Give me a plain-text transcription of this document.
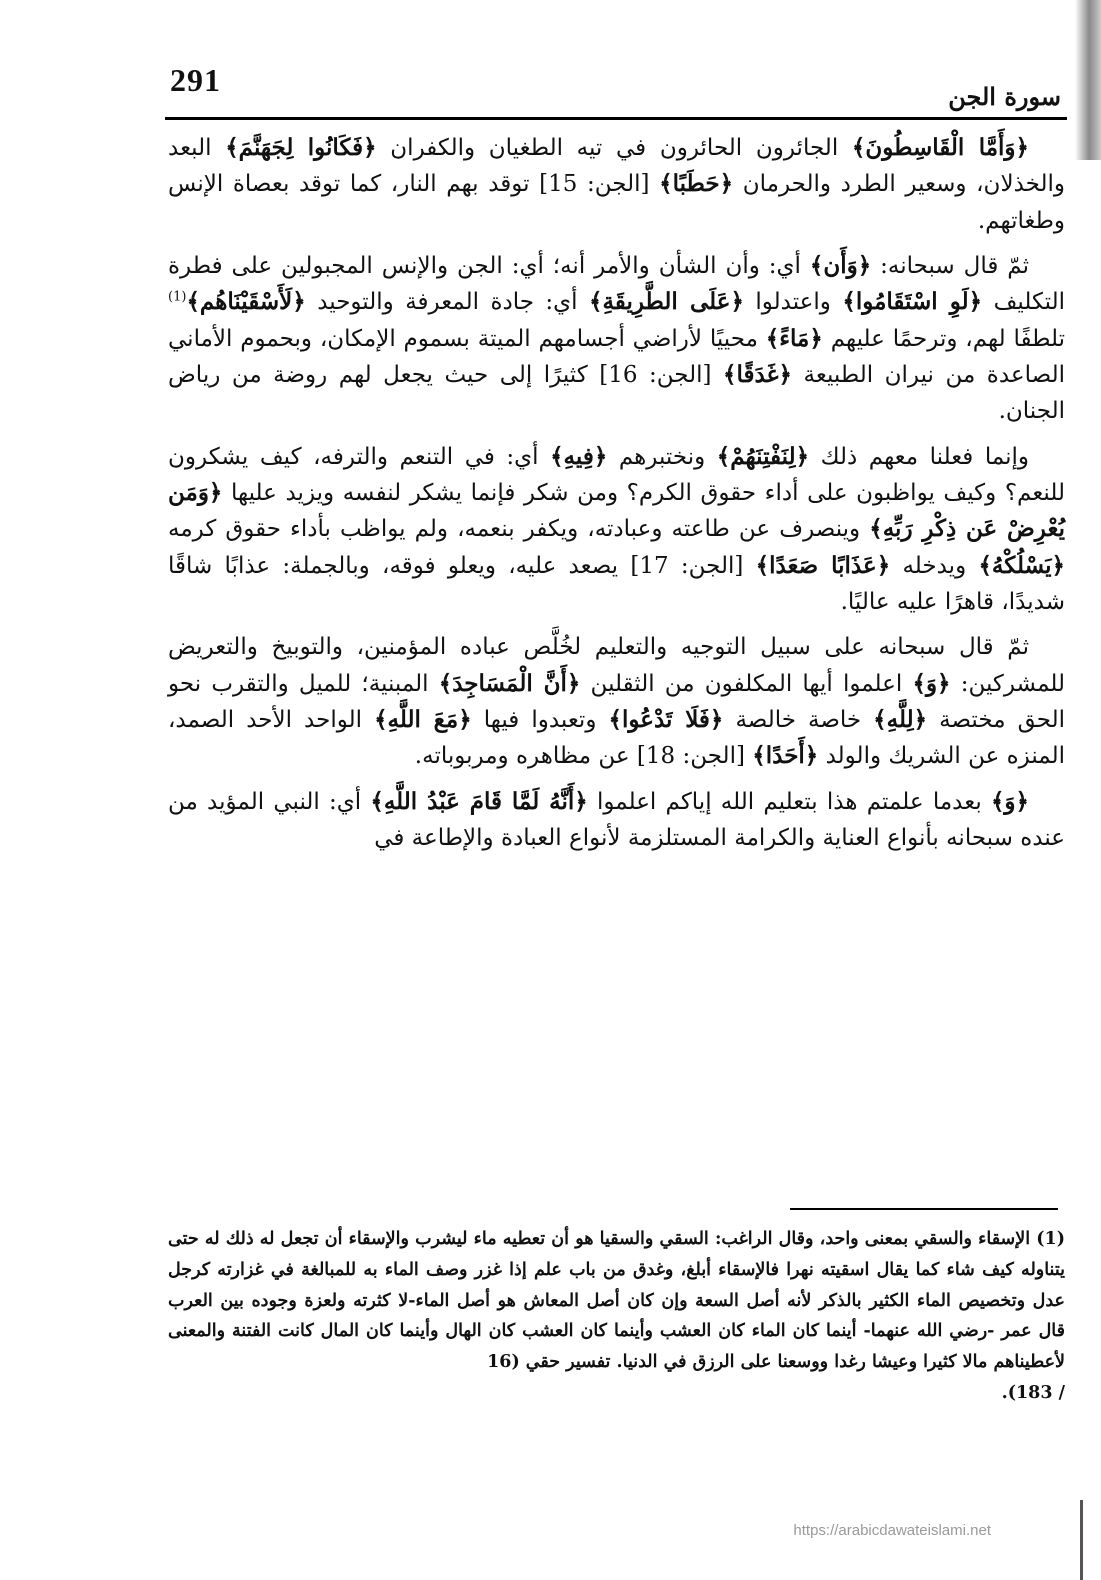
291	سورة الجن

﴿وَأَمَّا الْقَاسِطُونَ﴾ الجائرون الحائرون في تيه الطغيان والكفران ﴿فَكَانُوا لِجَهَنَّمَ﴾ البعد والخذلان، وسعير الطرد والحرمان ﴿حَطَبًا﴾ [الجن: 15] توقد بهم النار، كما توقد بعصاة الإنس وطغاتهم.

ثمّ قال سبحانه: ﴿وَأَن﴾ أي: وأن الشأن والأمر أنه؛ أي: الجن والإنس المجبولين على فطرة التكليف ﴿لَوِ اسْتَقَامُوا﴾ واعتدلوا ﴿عَلَى الطَّرِيقَةِ﴾ أي: جادة المعرفة والتوحيد ﴿لَأَسْقَيْنَاهُم﴾$^{(1)}$ تلطفًا لهم، وترحمًا عليهم ﴿مَاءً﴾ محييًا لأراضي أجسامهم الميتة بسموم الإمكان، وبحموم الأماني الصاعدة من نيران الطبيعة ﴿غَدَقًا﴾ [الجن: 16] كثيرًا إلى حيث يجعل لهم روضة من رياض الجنان.

وإنما فعلنا معهم ذلك ﴿لِنَفْتِنَهُمْ﴾ ونختبرهم ﴿فِيهِ﴾ أي: في التنعم والترفه، كيف يشكرون للنعم؟ وكيف يواظبون على أداء حقوق الكرم؟ ومن شكر فإنما يشكر لنفسه ويزيد عليها ﴿وَمَن يُعْرِضْ عَن ذِكْرِ رَبِّهِ﴾ وينصرف عن طاعته وعبادته، ويكفر بنعمه، ولم يواظب بأداء حقوق كرمه ﴿يَسْلُكْهُ﴾ ويدخله ﴿عَذَابًا صَعَدًا﴾ [الجن: 17] يصعد عليه، ويعلو فوقه، وبالجملة: عذابًا شاقًا شديدًا، قاهرًا عليه عاليًا.

ثمّ قال سبحانه على سبيل التوجيه والتعليم لخُلَّص عباده المؤمنين، والتوبيخ والتعريض للمشركين: ﴿وَ﴾ اعلموا أيها المكلفون من الثقلين ﴿أَنَّ الْمَسَاجِدَ﴾ المبنية؛ للميل والتقرب نحو الحق مختصة ﴿لِلَّهِ﴾ خاصة خالصة ﴿فَلَا تَدْعُوا﴾ وتعبدوا فيها ﴿مَعَ اللَّهِ﴾ الواحد الأحد الصمد، المنزه عن الشريك والولد ﴿أَحَدًا﴾ [الجن: 18] عن مظاهره ومربوباته.

﴿وَ﴾ بعدما علمتم هذا بتعليم الله إياكم اعلموا ﴿أَنَّهُ لَمَّا قَامَ عَبْدُ اللَّهِ﴾ أي: النبي المؤيد من عنده سبحانه بأنواع العناية والكرامة المستلزمة لأنواع العبادة والإطاعة في

(1) الإسقاء والسقي بمعنى واحد، وقال الراغب: السقي والسقيا هو أن تعطيه ماء ليشرب والإسقاء أن تجعل له ذلك له حتى يتناوله كيف شاء كما يقال اسقيته نهرا فالإسقاء أبلغ، وغدق من باب علم إذا غزر وصف الماء به للمبالغة في غزارته كرجل عدل وتخصيص الماء الكثير بالذكر لأنه أصل السعة وإن كان أصل المعاش هو أصل الماء-لا كثرته ولعزة وجوده بين العرب قال عمر -رضي الله عنهما- أينما كان الماء كان العشب وأينما كان العشب كان الهال وأينما كان المال كانت الفتنة والمعنى لأعطيناهم مالا كثيرا وعيشا رغدا ووسعنا على الرزق في الدنيا. تفسير حقي (16

/ 183).
https://arabicdawateislami.net
